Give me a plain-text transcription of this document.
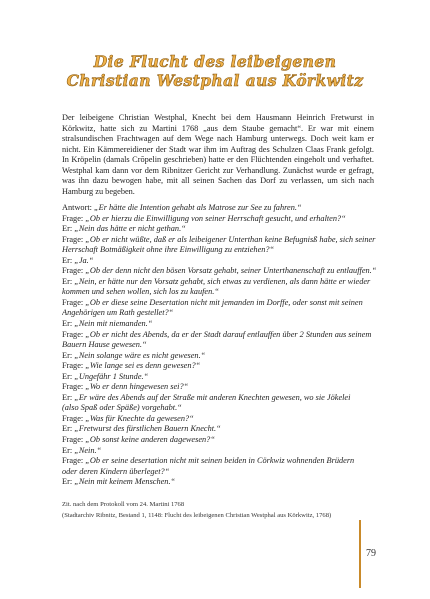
Die Flucht des leibeigenen
Christian Westphal aus Körkwitz

Der leibeigene Christian Westphal, Knecht bei dem Hausmann Heinrich Fretwurst in Körkwitz, hatte sich zu Martini 1768 „aus dem Staube gemacht“. Er war mit einem stralsundischen Frachtwagen auf dem Wege nach Hamburg unterwegs. Doch weit kam er nicht. Ein Kämmereidiener der Stadt war ihm im Auftrag des Schulzen Claas Frank gefolgt. In Kröpelin (damals Crōpelin geschrieben) hatte er den Flüchtenden eingeholt und verhaftet. Westphal kam dann vor dem Ribnitzer Gericht zur Verhandlung. Zunächst wurde er gefragt, was ihn dazu bewogen habe, mit all seinen Sachen das Dorf zu verlassen, um sich nach Hamburg zu begeben.

Antwort: „Er hätte die Intention gehabt als Matrose zur See zu fahren.“
Frage: „Ob er hierzu die Einwilligung von seiner Herrschaft gesucht, und erhalten?“
Er: „Nein das hätte er nicht gethan.“
Frage: „Ob er nicht wüßte, daß er als leibeigener Unterthan keine Befugnisß habe, sich seiner
Herrschaft Botmäßigkeit ohne ihre Einwilligung zu entziehen?“
Er: „Ja.“
Frage: „Ob der denn nicht den bösen Vorsatz gehabt, seiner Unterthanenschaft zu entlauffen.“
Er: „Nein, er hätte nur den Vorsatz gehabt, sich etwas zu verdienen, als dann hätte er wieder
kommen und sehen wollen, sich los zu kaufen.“
Frage: „Ob er diese seine Desertation nicht mit jemanden im Dorffe, oder sonst mit seinen
Angehörigen um Rath gestellet?“
Er: „Nein mit niemanden.“
Frage: „Ob er nicht des Abends, da er der Stadt darauf entlauffen über 2 Stunden aus seinem
Bauern Hause gewesen.“
Er: „Nein solange wäre es nicht gewesen.“
Frage: „Wie lange sei es denn gewesen?“
Er: „Ungefähr 1 Stunde.“
Frage: „Wo er denn hingewesen sei?“
Er: „Er wäre des Abends auf der Straße mit anderen Knechten gewesen, wo sie Jökelei
(also Spaß oder Späße) vorgehabt.“
Frage: „Was für Knechte da gewesen?“
Er: „Fretwurst des fürstlichen Bauern Knecht.“
Frage: „Ob sonst keine anderen dagewesen?“
Er: „Nein.“
Frage: „Ob er seine desertation nicht mit seinen beiden in Cörkwiz wohnenden Brüdern
oder deren Kindern überleget?“
Er: „Nein mit keinem Menschen.“
Zit. nach dem Protokoll vom 24. Martini 1768
(Stadtarchiv Ribnitz, Bestand 1, 1148: Flucht des leibeigenen Christian Westphal aus Körkwitz, 1768)
79
